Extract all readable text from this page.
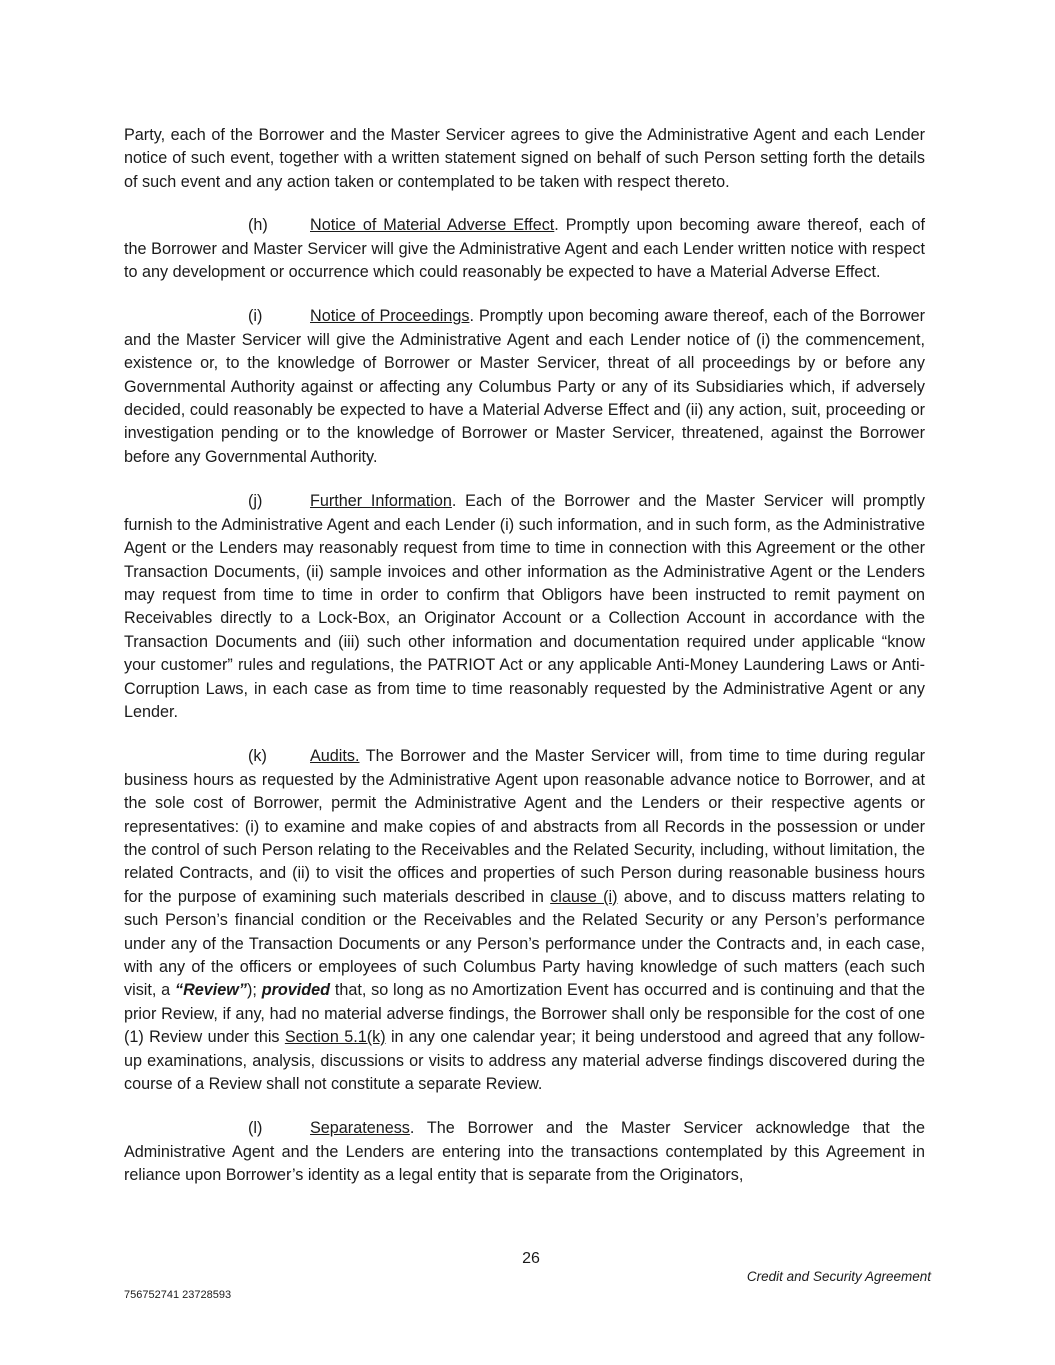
Party, each of the Borrower and the Master Servicer agrees to give the Administrative Agent and each Lender notice of such event, together with a written statement signed on behalf of such Person setting forth the details of such event and any action taken or contemplated to be taken with respect thereto.

(h)	Notice of Material Adverse Effect. Promptly upon becoming aware thereof, each of the Borrower and Master Servicer will give the Administrative Agent and each Lender written notice with respect to any development or occurrence which could reasonably be expected to have a Material Adverse Effect.

(i)	Notice of Proceedings. Promptly upon becoming aware thereof, each of the Borrower and the Master Servicer will give the Administrative Agent and each Lender notice of (i) the commencement, existence or, to the knowledge of Borrower or Master Servicer, threat of all proceedings by or before any Governmental Authority against or affecting any Columbus Party or any of its Subsidiaries which, if adversely decided, could reasonably be expected to have a Material Adverse Effect and (ii) any action, suit, proceeding or investigation pending or to the knowledge of Borrower or Master Servicer, threatened, against the Borrower before any Governmental Authority.

(j)	Further Information. Each of the Borrower and the Master Servicer will promptly furnish to the Administrative Agent and each Lender (i) such information, and in such form, as the Administrative Agent or the Lenders may reasonably request from time to time in connection with this Agreement or the other Transaction Documents, (ii) sample invoices and other information as the Administrative Agent or the Lenders may request from time to time in order to confirm that Obligors have been instructed to remit payment on Receivables directly to a Lock-Box, an Originator Account or a Collection Account in accordance with the Transaction Documents and (iii) such other information and documentation required under applicable “know your customer” rules and regulations, the PATRIOT Act or any applicable Anti-Money Laundering Laws or Anti-Corruption Laws, in each case as from time to time reasonably requested by the Administrative Agent or any Lender.

(k)	Audits. The Borrower and the Master Servicer will, from time to time during regular business hours as requested by the Administrative Agent upon reasonable advance notice to Borrower, and at the sole cost of Borrower, permit the Administrative Agent and the Lenders or their respective agents or representatives: (i) to examine and make copies of and abstracts from all Records in the possession or under the control of such Person relating to the Receivables and the Related Security, including, without limitation, the related Contracts, and (ii) to visit the offices and properties of such Person during reasonable business hours for the purpose of examining such materials described in clause (i) above, and to discuss matters relating to such Person’s financial condition or the Receivables and the Related Security or any Person’s performance under any of the Transaction Documents or any Person’s performance under the Contracts and, in each case, with any of the officers or employees of such Columbus Party having knowledge of such matters (each such visit, a “Review”); provided that, so long as no Amortization Event has occurred and is continuing and that the prior Review, if any, had no material adverse findings, the Borrower shall only be responsible for the cost of one (1) Review under this Section 5.1(k) in any one calendar year; it being understood and agreed that any follow-up examinations, analysis, discussions or visits to address any material adverse findings discovered during the course of a Review shall not constitute a separate Review.

(l)	Separateness. The Borrower and the Master Servicer acknowledge that the Administrative Agent and the Lenders are entering into the transactions contemplated by this Agreement in reliance upon Borrower’s identity as a legal entity that is separate from the Originators,

26
Credit and Security Agreement
756752741 23728593
